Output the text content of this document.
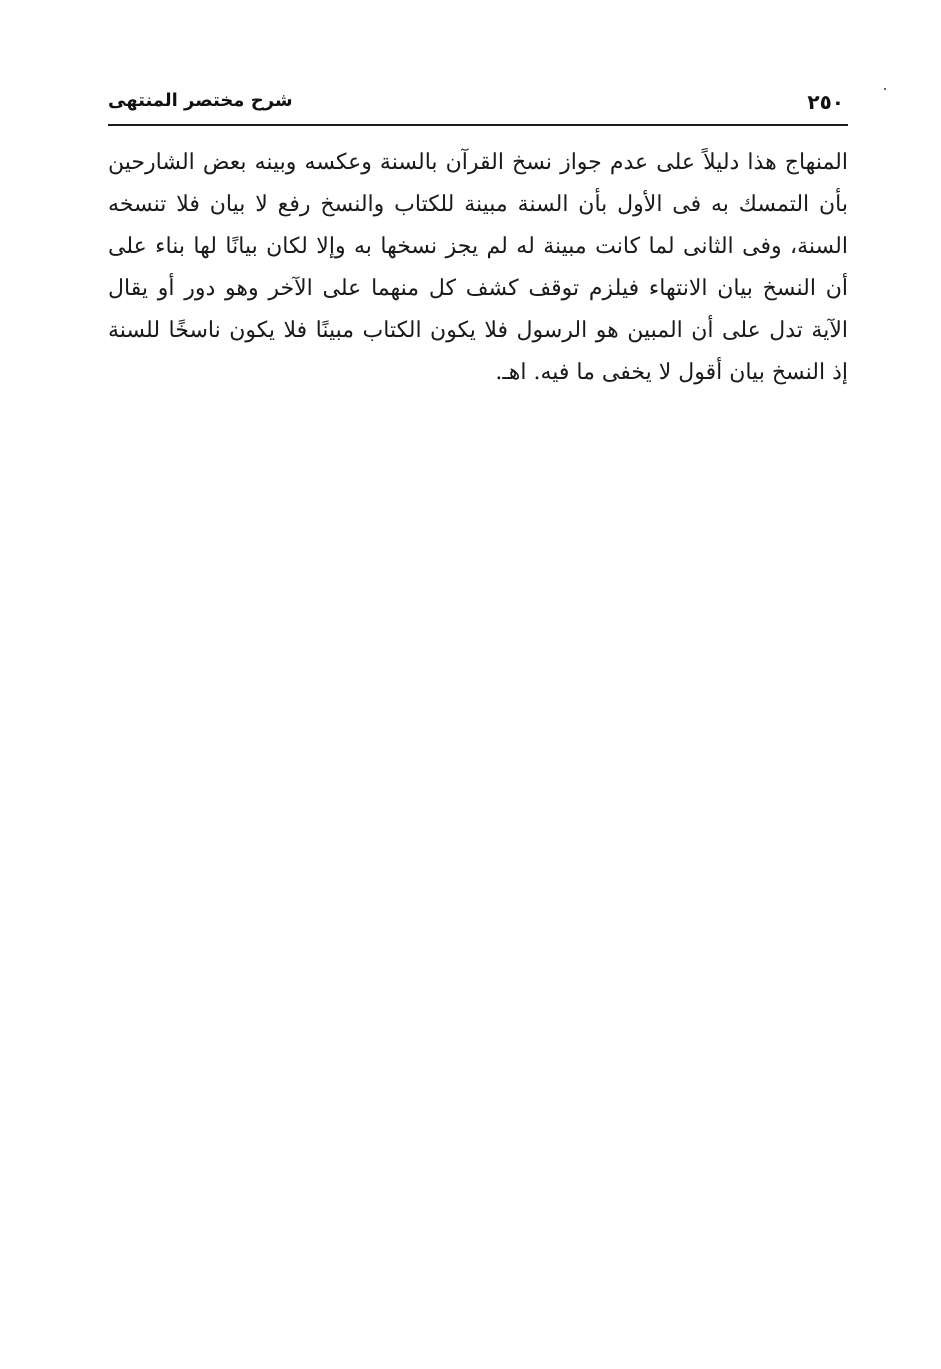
٢٥٠
شرح مختصر المنتهى
المنهاج هذا دليلاً على عدم جواز نسخ القرآن بالسنة وعكسه وبينه بعض الشارحين
بأن التمسك به فى الأول بأن السنة مبينة للكتاب والنسخ رفع لا بيان فلا تنسخه
السنة، وفى الثانى لما كانت مبينة له لم يجز نسخها به وإلا لكان بيانًا لها بناء على
أن النسخ بيان الانتهاء فيلزم توقف كشف كل منهما على الآخر وهو دور أو يقال
الآية تدل على أن المبين هو الرسول فلا يكون الكتاب مبينًا فلا يكون ناسخًا للسنة
إذ النسخ بيان أقول لا يخفى ما فيه. اهـ.
